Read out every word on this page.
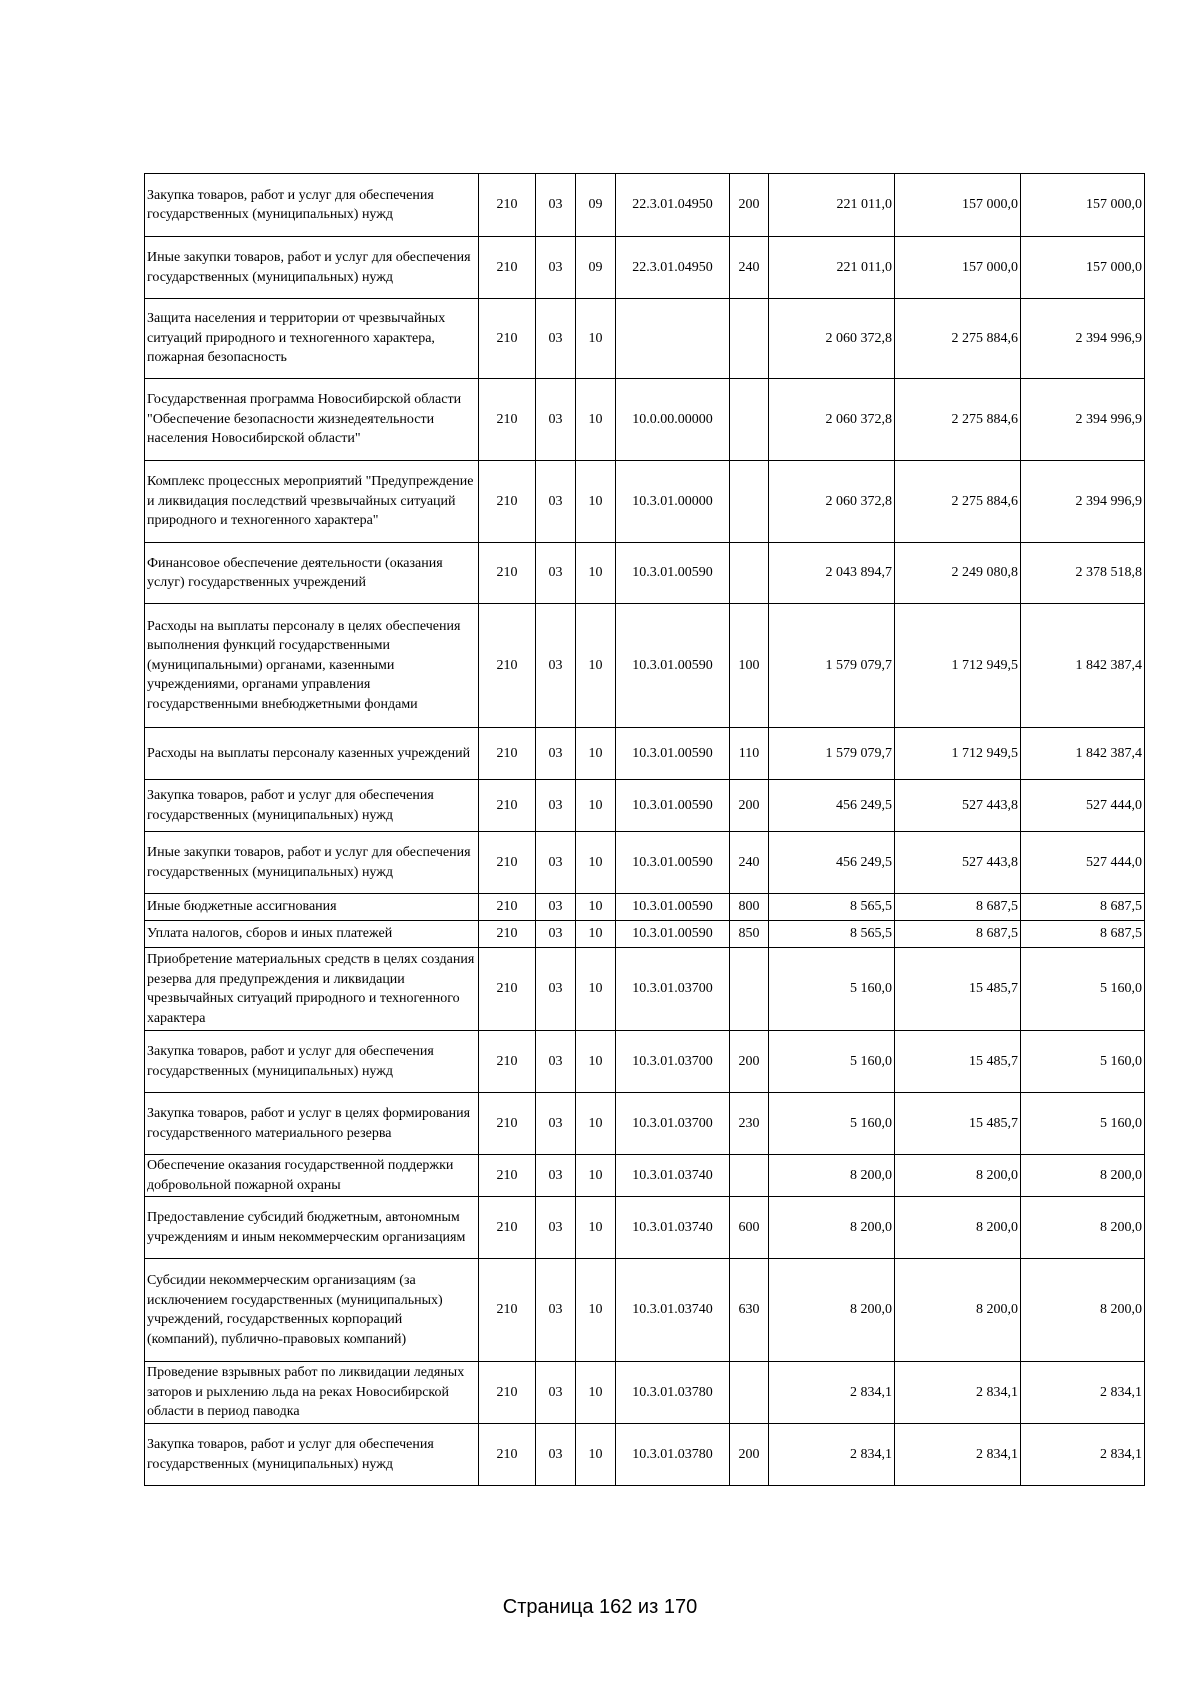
Закупка товаров, работ и услуг для обеспечения государственных (муниципальных) нужд	210	03	09	22.3.01.04950	200	221 011,0	157 000,0	157 000,0
Иные закупки товаров, работ и услуг для обеспечения государственных (муниципальных) нужд	210	03	09	22.3.01.04950	240	221 011,0	157 000,0	157 000,0
Защита населения и территории от чрезвычайных ситуаций природного и техногенного характера, пожарная безопасность	210	03	10			2 060 372,8	2 275 884,6	2 394 996,9
Государственная программа Новосибирской области "Обеспечение безопасности жизнедеятельности населения Новосибирской области"	210	03	10	10.0.00.00000		2 060 372,8	2 275 884,6	2 394 996,9
Комплекс процессных мероприятий "Предупреждение и ликвидация последствий чрезвычайных ситуаций природного и техногенного характера"	210	03	10	10.3.01.00000		2 060 372,8	2 275 884,6	2 394 996,9
Финансовое обеспечение деятельности (оказания услуг) государственных учреждений	210	03	10	10.3.01.00590		2 043 894,7	2 249 080,8	2 378 518,8
Расходы на выплаты персоналу в целях обеспечения выполнения функций государственными (муниципальными) органами, казенными учреждениями, органами управления государственными внебюджетными фондами	210	03	10	10.3.01.00590	100	1 579 079,7	1 712 949,5	1 842 387,4
Расходы на выплаты персоналу казенных учреждений	210	03	10	10.3.01.00590	110	1 579 079,7	1 712 949,5	1 842 387,4
Закупка товаров, работ и услуг для обеспечения государственных (муниципальных) нужд	210	03	10	10.3.01.00590	200	456 249,5	527 443,8	527 444,0
Иные закупки товаров, работ и услуг для обеспечения государственных (муниципальных) нужд	210	03	10	10.3.01.00590	240	456 249,5	527 443,8	527 444,0
Иные бюджетные ассигнования	210	03	10	10.3.01.00590	800	8 565,5	8 687,5	8 687,5
Уплата налогов, сборов и иных платежей	210	03	10	10.3.01.00590	850	8 565,5	8 687,5	8 687,5
Приобретение материальных средств в целях создания резерва для предупреждения и ликвидации чрезвычайных ситуаций природного и техногенного характера	210	03	10	10.3.01.03700		5 160,0	15 485,7	5 160,0
Закупка товаров, работ и услуг для обеспечения государственных (муниципальных) нужд	210	03	10	10.3.01.03700	200	5 160,0	15 485,7	5 160,0
Закупка товаров, работ и услуг в целях формирования государственного материального резерва	210	03	10	10.3.01.03700	230	5 160,0	15 485,7	5 160,0
Обеспечение оказания государственной поддержки добровольной пожарной охраны	210	03	10	10.3.01.03740		8 200,0	8 200,0	8 200,0
Предоставление субсидий бюджетным, автономным учреждениям и иным некоммерческим организациям	210	03	10	10.3.01.03740	600	8 200,0	8 200,0	8 200,0
Субсидии некоммерческим организациям (за исключением государственных (муниципальных) учреждений, государственных корпораций (компаний), публично-правовых компаний)	210	03	10	10.3.01.03740	630	8 200,0	8 200,0	8 200,0
Проведение взрывных работ по ликвидации ледяных заторов и рыхлению льда на реках Новосибирской области в период паводка	210	03	10	10.3.01.03780		2 834,1	2 834,1	2 834,1
Закупка товаров, работ и услуг для обеспечения государственных (муниципальных) нужд	210	03	10	10.3.01.03780	200	2 834,1	2 834,1	2 834,1
Страница 162 из 170
